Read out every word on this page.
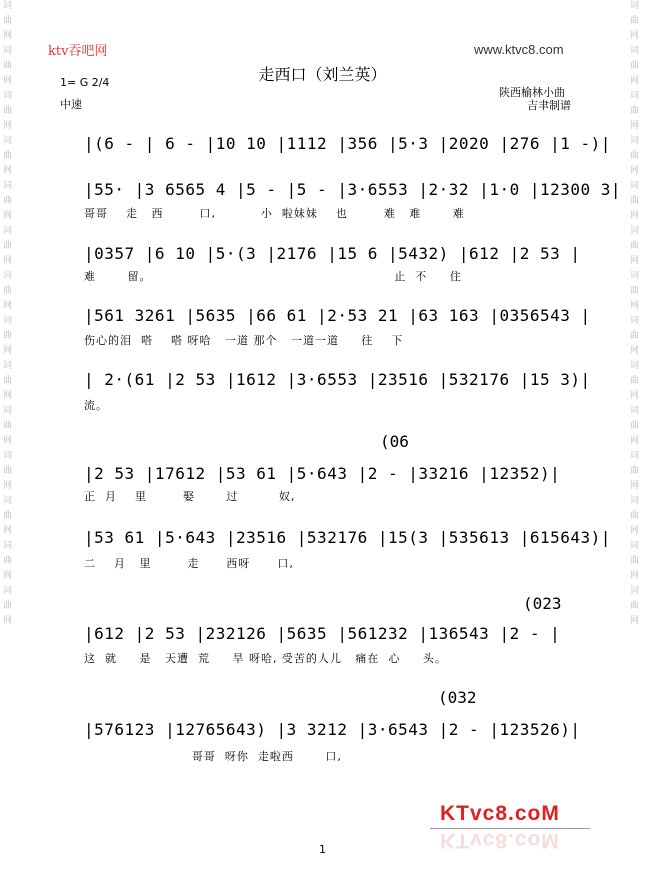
词曲网词曲网词曲网词曲网词曲网词曲网词曲网词曲网词曲网词曲网词曲网词曲网词曲网词曲网	词曲网词曲网词曲网词曲网词曲网词曲网词曲网词曲网词曲网词曲网词曲网词曲网词曲网词曲网
ktv吞吧网	www.ktvc8.com
走西口（刘兰英）
1= G 2/4
中速
陕西榆林小曲
吉聿制谱
|(6 - | 6 - |10 10 |1112 |356 |5·3 |2020 |276 |1 -)|
|55· |3 6565 4 |5 - |5 - |3·6553 |2·32 |1·0 |12300 3|
哥哥    走   西        口,          小  啦妹妹    也        难   难       难
|0357 |6 10 |5·(3 |2176 |15 6 |5432) |612 |2 53 |
难       留。                                                      止  不     住
|561 3261 |5635 |66 61 |2·53 21 |63 163 |0356543 |
伤心的泪  嗒    嗒 呀哈   一道 那个   一道一道     往    下
| 2·(61 |2 53 |1612 |3·6553 |23516 |532176 |15 3)|
流。
(06
|2 53 |17612 |53 61 |5·643 |2 - |33216 |12352)|
正  月    里        娶       过         奴,
|53 61 |5·643 |23516 |532176 |15(3 |535613 |615643)|
二    月   里        走      西呀      口,
(023
|612 |2 53 |232126 |5635 |561232 |136543 |2 - |
这  就     是   天遭  荒     旱 呀哈, 受苦的人儿   痛在  心     头。
(032
|576123 |12765643) |3 3212 |3·6543 |2 - |123526)|
哥哥  呀你  走啦西       口,
KTvc8.coM
KTvc8.coM
1
